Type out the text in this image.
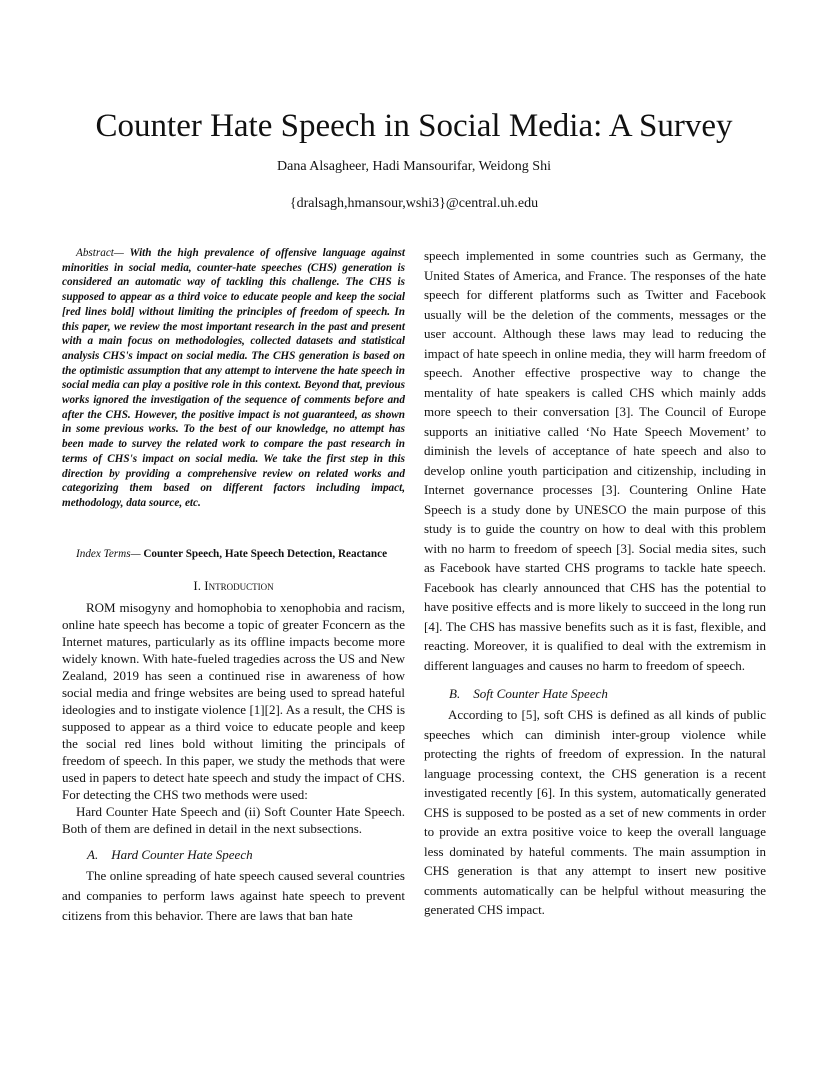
Counter Hate Speech in Social Media: A Survey
Dana Alsagheer, Hadi Mansourifar, Weidong Shi
{dralsagh,hmansour,wshi3}@central.uh.edu

Abstract— With the high prevalence of offensive language against minorities in social media, counter-hate speeches (CHS) generation is considered an automatic way of tackling this challenge. The CHS is supposed to appear as a third voice to educate people and keep the social [red lines bold] without limiting the principles of freedom of speech. In this paper, we review the most important research in the past and present with a main focus on methodologies, collected datasets and statistical analysis CHS's impact on social media. The CHS generation is based on the optimistic assumption that any attempt to intervene the hate speech in social media can play a positive role in this context. Beyond that, previous works ignored the investigation of the sequence of comments before and after the CHS. However, the positive impact is not guaranteed, as shown in some previous works. To the best of our knowledge, no attempt has been made to survey the related work to compare the past research in terms of CHS's impact on social media. We take the first step in this direction by providing a comprehensive review on related works and categorizing them based on different factors including impact, methodology, data source, etc.

Index Terms— Counter Speech, Hate Speech Detection, Reactance

I. Introduction

ROM misogyny and homophobia to xenophobia and racism, online hate speech has become a topic of greater Fconcern as the Internet matures, particularly as its offline impacts become more widely known. With hate-fueled tragedies across the US and New Zealand, 2019 has seen a continued rise in awareness of how social media and fringe websites are being used to spread hateful ideologies and to instigate violence [1][2]. As a result, the CHS is supposed to appear as a third voice to educate people and keep the social red lines bold without limiting the principals of freedom of speech. In this paper, we study the methods that were used in papers to detect hate speech and study the impact of CHS. For detecting the CHS two methods were used:

Hard Counter Hate Speech and (ii) Soft Counter Hate Speech. Both of them are defined in detail in the next subsections.

A. Hard Counter Hate Speech

The online spreading of hate speech caused several countries and companies to perform laws against hate speech to prevent citizens from this behavior. There are laws that ban hate

speech implemented in some countries such as Germany, the United States of America, and France. The responses of the hate speech for different platforms such as Twitter and Facebook usually will be the deletion of the comments, messages or the user account. Although these laws may lead to reducing the impact of hate speech in online media, they will harm freedom of speech. Another effective prospective way to change the mentality of hate speakers is called CHS which mainly adds more speech to their conversation [3]. The Council of Europe supports an initiative called ‘No Hate Speech Movement’ to diminish the levels of acceptance of hate speech and also to develop online youth participation and citizenship, including in Internet governance processes [3]. Countering Online Hate Speech is a study done by UNESCO the main purpose of this study is to guide the country on how to deal with this problem with no harm to freedom of speech [3]. Social media sites, such as Facebook have started CHS programs to tackle hate speech. Facebook has clearly announced that CHS has the potential to have positive effects and is more likely to succeed in the long run [4]. The CHS has massive benefits such as it is fast, flexible, and reacting. Moreover, it is qualified to deal with the extremism in different languages and causes no harm to freedom of speech.

B. Soft Counter Hate Speech

According to [5], soft CHS is defined as all kinds of public speeches which can diminish inter-group violence while protecting the rights of freedom of expression. In the natural language processing context, the CHS generation is a recent investigated recently [6]. In this system, automatically generated CHS is supposed to be posted as a set of new comments in order to provide an extra positive voice to keep the overall language less dominated by hateful comments. The main assumption in CHS generation is that any attempt to insert new positive comments automatically can be helpful without measuring the generated CHS impact.
